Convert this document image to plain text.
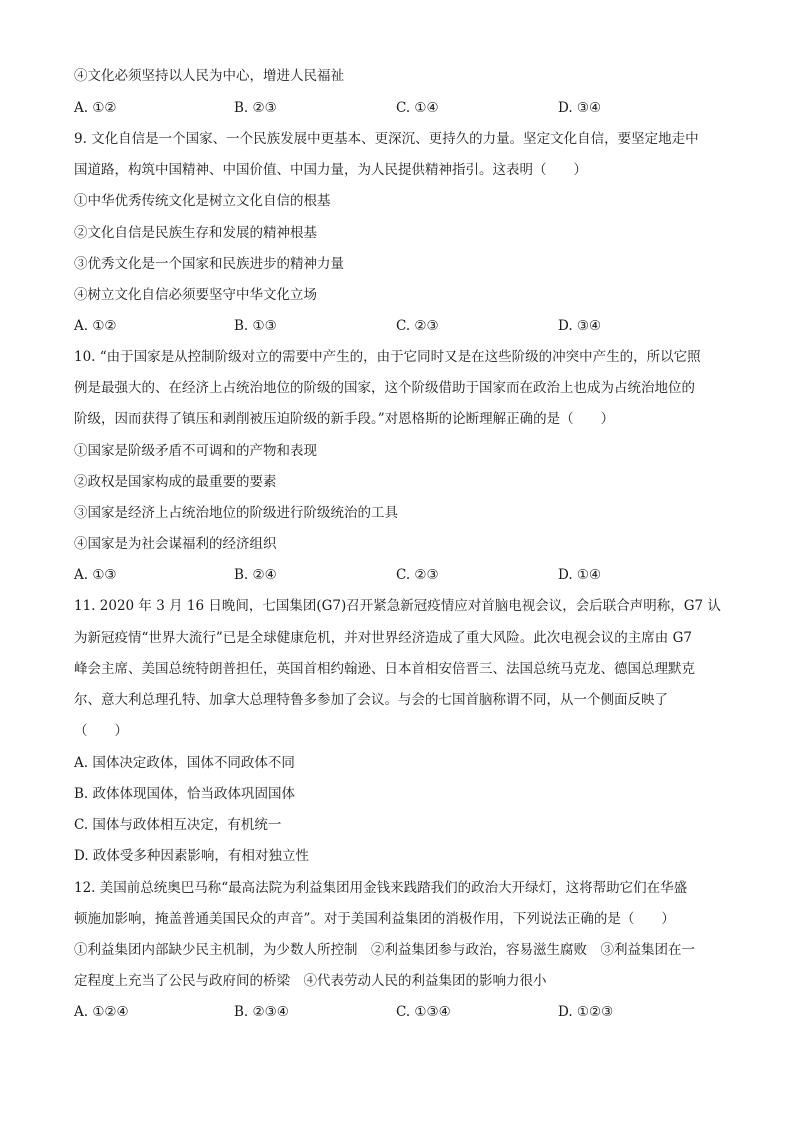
④文化必须坚持以人民为中心，增进人民福祉
A. ①②	B. ②③	C. ①④	D. ③④
9. 文化自信是一个国家、一个民族发展中更基本、更深沉、更持久的力量。坚定文化自信，要坚定地走中
国道路，构筑中国精神、中国价值、中国力量，为人民提供精神指引。这表明（　　）
①中华优秀传统文化是树立文化自信的根基
②文化自信是民族生存和发展的精神根基
③优秀文化是一个国家和民族进步的精神力量
④树立文化自信必须要坚守中华文化立场
A. ①②	B. ①③	C. ②③	D. ③④
10. “由于国家是从控制阶级对立的需要中产生的，由于它同时又是在这些阶级的冲突中产生的，所以它照
例是最强大的、在经济上占统治地位的阶级的国家，这个阶级借助于国家而在政治上也成为占统治地位的
阶级，因而获得了镇压和剥削被压迫阶级的新手段。”对恩格斯的论断理解正确的是（　　）
①国家是阶级矛盾不可调和的产物和表现
②政权是国家构成的最重要的要素
③国家是经济上占统治地位的阶级进行阶级统治的工具
④国家是为社会谋福利的经济组织
A. ①③	B. ②④	C. ②③	D. ①④
11. 2020 年 3 月 16 日晚间，七国集团(G7)召开紧急新冠疫情应对首脑电视会议，会后联合声明称，G7 认
为新冠疫情“世界大流行”已是全球健康危机，并对世界经济造成了重大风险。此次电视会议的主席由 G7
峰会主席、美国总统特朗普担任，英国首相约翰逊、日本首相安倍晋三、法国总统马克龙、德国总理默克
尔、意大利总理孔特、加拿大总理特鲁多参加了会议。与会的七国首脑称谓不同，从一个侧面反映了
（　　）
A. 国体决定政体，国体不同政体不同
B. 政体体现国体，恰当政体巩固国体
C. 国体与政体相互决定，有机统一
D. 政体受多种因素影响，有相对独立性
12. 美国前总统奥巴马称“最高法院为利益集团用金钱来践踏我们的政治大开绿灯，这将帮助它们在华盛
顿施加影响，掩盖普通美国民众的声音”。对于美国利益集团的消极作用，下列说法正确的是（　　）
①利益集团内部缺少民主机制，为少数人所控制　②利益集团参与政治，容易滋生腐败　③利益集团在一
定程度上充当了公民与政府间的桥梁　④代表劳动人民的利益集团的影响力很小
A. ①②④	B. ②③④	C. ①③④	D. ①②③
